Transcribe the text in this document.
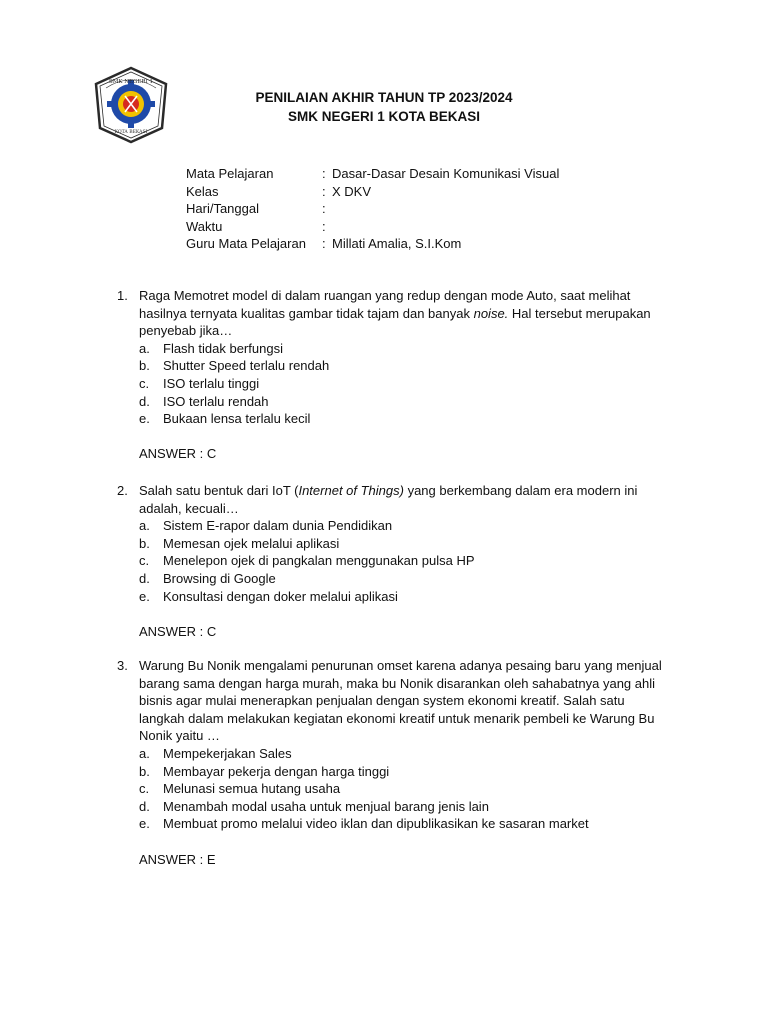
SMK NEGERI 1
KOTA BEKASI
PENILAIAN AKHIR TAHUN TP 2023/2024
SMK NEGERI 1 KOTA BEKASI
Mata Pelajaran	: Dasar-Dasar Desain Komunikasi Visual
Kelas	: X DKV
Hari/Tanggal	:
Waktu	:
Guru Mata Pelajaran	: Millati Amalia, S.I.Kom
1. Raga Memotret model di dalam ruangan yang redup dengan mode Auto, saat melihat hasilnya ternyata kualitas gambar tidak tajam dan banyak noise. Hal tersebut merupakan penyebab jika…
a.	Flash tidak berfungsi
b.	Shutter Speed terlalu rendah
c.	ISO terlalu tinggi
d.	ISO terlalu rendah
e.	Bukaan lensa terlalu kecil
ANSWER : C
2. Salah satu bentuk dari IoT (Internet of Things) yang berkembang dalam era modern ini adalah, kecuali…
a.	Sistem E-rapor dalam dunia Pendidikan
b.	Memesan ojek melalui aplikasi
c.	Menelepon ojek di pangkalan menggunakan pulsa HP
d.	Browsing di Google
e.	Konsultasi dengan doker melalui aplikasi
ANSWER : C
3. Warung Bu Nonik mengalami penurunan omset karena adanya pesaing baru yang menjual barang sama dengan harga murah, maka bu Nonik disarankan oleh sahabatnya yang ahli bisnis agar mulai menerapkan penjualan dengan system ekonomi kreatif. Salah satu langkah dalam melakukan kegiatan ekonomi kreatif untuk menarik pembeli ke Warung Bu Nonik yaitu …
a.	Mempekerjakan Sales
b.	Membayar pekerja dengan harga tinggi
c.	Melunasi semua hutang usaha
d.	Menambah modal usaha untuk menjual barang jenis lain
e.	Membuat promo melalui video iklan dan dipublikasikan ke sasaran market
ANSWER : E
